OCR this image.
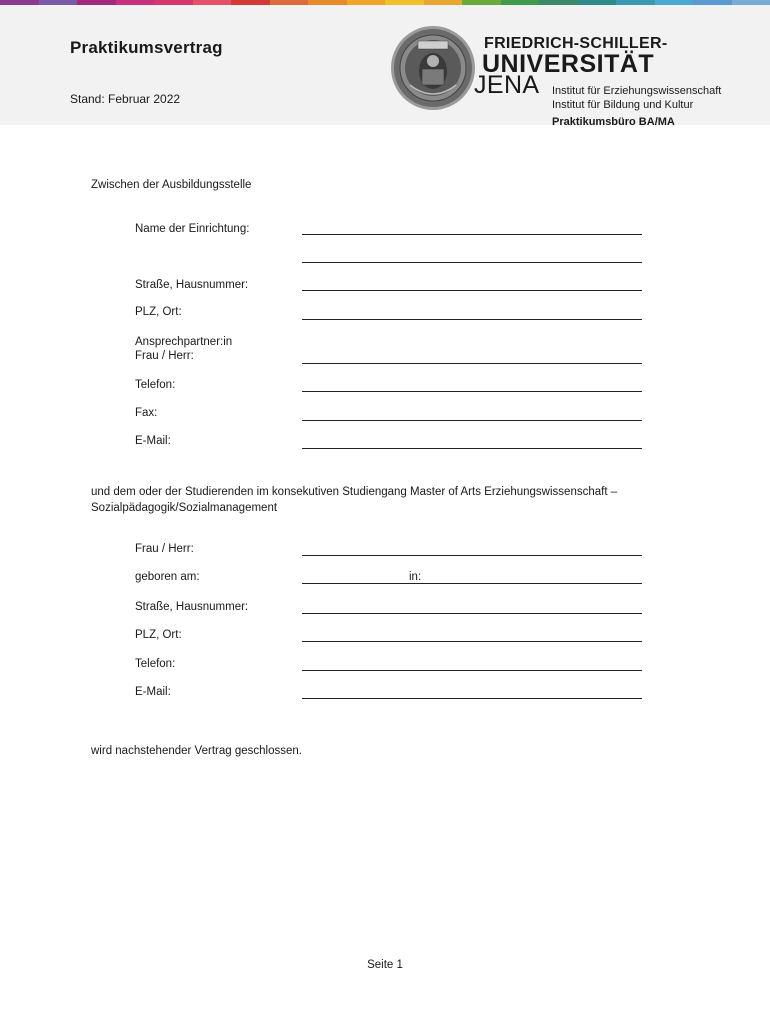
Praktikumsvertrag
Stand: Februar 2022
FRIEDRICH-SCHILLER-
UNIVERSITÄT
JENA Institut für Erziehungswissenschaft
Institut für Bildung und Kultur
Praktikumsbüro BA/MA
Zwischen der Ausbildungsstelle
Name der Einrichtung:
Straße, Hausnummer:
PLZ, Ort:
Ansprechpartner:in
Frau / Herr:
Telefon:
Fax:
E-Mail:
und dem oder der Studierenden im konsekutiven Studiengang Master of Arts Erziehungswissenschaft – Sozialpädagogik/Sozialmanagement
Frau / Herr:
geboren am:	in:
Straße, Hausnummer:
PLZ, Ort:
Telefon:
E-Mail:
wird nachstehender Vertrag geschlossen.
Seite 1
